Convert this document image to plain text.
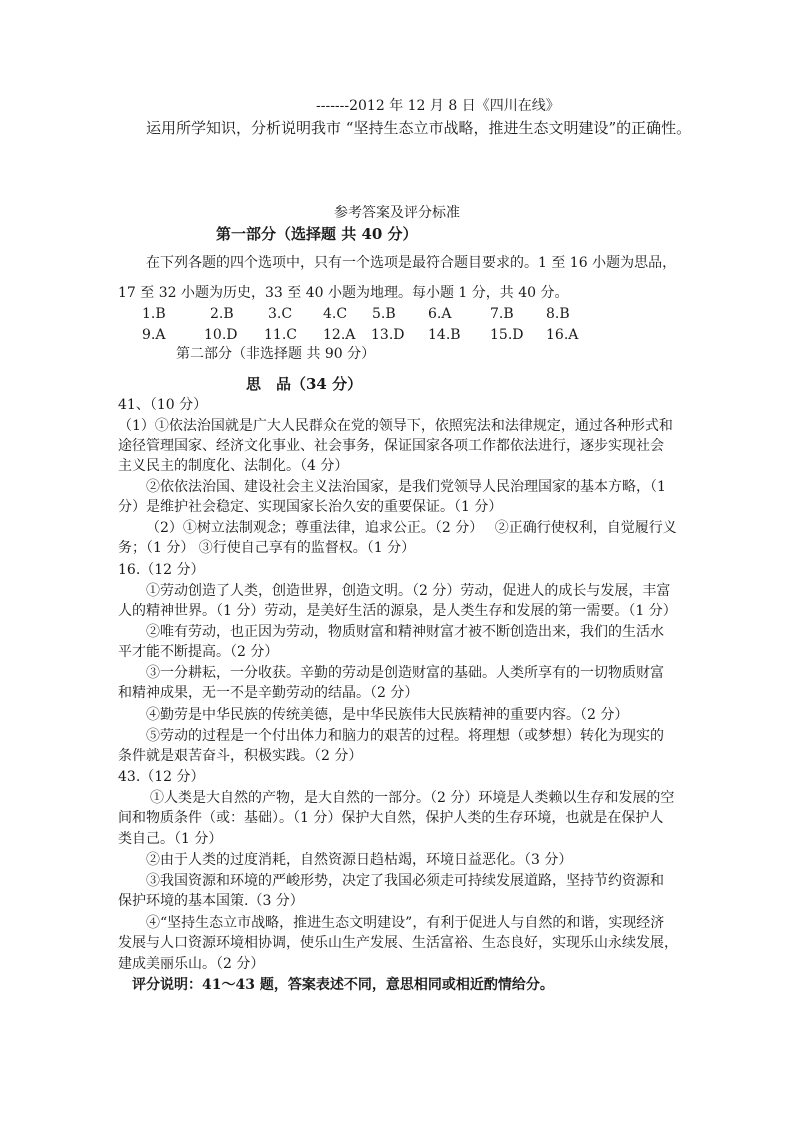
-------2012 年 12 月 8 日《四川在线》
运用所学知识，分析说明我市 “坚持生态立市战略，推进生态文明建设”的正确性。
参考答案及评分标准
第一部分（选择题 共 40 分）
在下列各题的四个选项中，只有一个选项是最符合题目要求的。1 至 16 小题为思品，
17 至 32 小题为历史，33 至 40 小题为地理。每小题 1 分，共 40 分。
1.B	2.B 3.C 4.C 5.B 6.A	7.B 8.B
9.A	10.D 11.C 12.A 13.D 14.B 15.D 16.A
第二部分（非选择题 共 90 分）
思　品（34 分）
41、（10 分）
（1）①依法治国就是广大人民群众在党的领导下，依照宪法和法律规定，通过各种形式和
途径管理国家、经济文化事业、社会事务，保证国家各项工作都依法进行，逐步实现社会
主义民主的制度化、法制化。（4 分）
②依依法治国、建设社会主义法治国家，是我们党领导人民治理国家的基本方略，（1
分）是维护社会稳定、实现国家长治久安的重要保证。（1 分）
（2）①树立法制观念；尊重法律，追求公正。（2 分）　 ②正确行使权利，自觉履行义
务；（1 分） ③行使自己享有的监督权。（1 分）
16.（12 分）
①劳动创造了人类，创造世界，创造文明。（2 分）劳动，促进人的成长与发展，丰富
人的精神世界。（1 分）劳动，是美好生活的源泉，是人类生存和发展的第一需要。（1 分）
②唯有劳动，也正因为劳动，物质财富和精神财富才被不断创造出来，我们的生活水
平才能不断提高。（2 分）
③一分耕耘，一分收获。辛勤的劳动是创造财富的基础。人类所享有的一切物质财富
和精神成果，无一不是辛勤劳动的结晶。（2 分）
④勤劳是中华民族的传统美德，是中华民族伟大民族精神的重要内容。（2 分）
⑤劳动的过程是一个付出体力和脑力的艰苦的过程。将理想（或梦想）转化为现实的
条件就是艰苦奋斗，积极实践。（2 分）
43.（12 分）
①人类是大自然的产物，是大自然的一部分。（2 分）环境是人类赖以生存和发展的空
间和物质条件（或：基础）。（1 分）保护大自然，保护人类的生存环境，也就是在保护人
类自己。（1 分）
②由于人类的过度消耗，自然资源日趋枯竭，环境日益恶化。（3 分）
③我国资源和环境的严峻形势，决定了我国必须走可持续发展道路，坚持节约资源和
保护环境的基本国策.（3 分）
④“坚持生态立市战略，推进生态文明建设”，有利于促进人与自然的和谐，实现经济
发展与人口资源环境相协调，使乐山生产发展、生活富裕、生态良好，实现乐山永续发展，
建成美丽乐山。（2 分）
评分说明：41～43 题，答案表述不同，意思相同或相近酌情给分。
